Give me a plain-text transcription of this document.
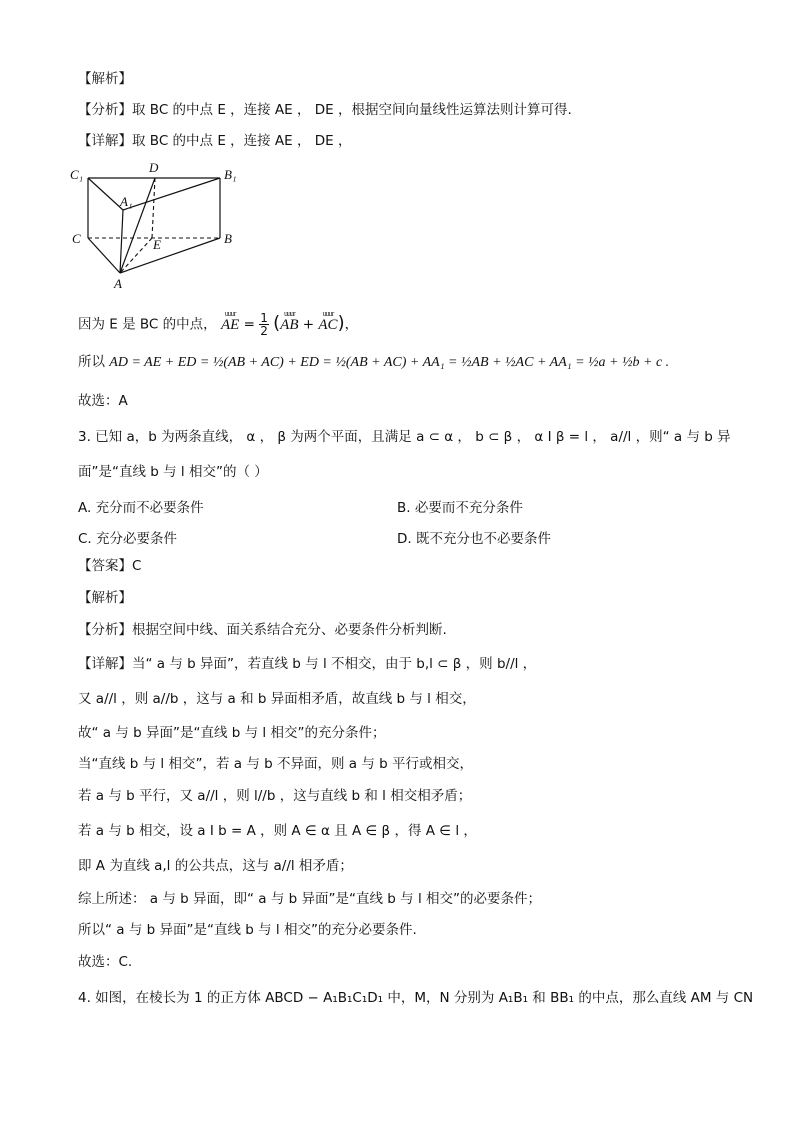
【解析】
【分析】取 BC 的中点 E ，连接 AE ， DE ，根据空间向量线性运算法则计算可得.
【详解】取 BC 的中点 E ，连接 AE ， DE ，
C₁	D	B₁
A₁
C	E	B
A
因为 E 是 BC 的中点，
uuur
AE = $\frac{1}{2}$ ( uuur
AB +
uuur
AC)，
所以 AD = AE + ED = ½(AB + AC) + ED = ½(AB + AC) + AA₁ = ½AB + ½AC + AA₁ = ½a + ½b + c .
故选：A
3. 已知 a，b 为两条直线， α ， β 为两个平面，且满足 a ⊂ α ， b ⊂ β ， α I β = l ， a//l ，则“ a 与 b 异
面”是“直线 b 与 l 相交”的（ ）
A. 充分而不必要条件	B. 必要而不充分条件
C. 充分必要条件	D. 既不充分也不必要条件
【答案】C
【解析】
【分析】根据空间中线、面关系结合充分、必要条件分析判断.
【详解】当“ a 与 b 异面”，若直线 b 与 l 不相交，由于 b,l ⊂ β ，则 b//l ，
又 a//l ，则 a//b ，这与 a 和 b 异面相矛盾，故直线 b 与 l 相交，
故“ a 与 b 异面”是“直线 b 与 l 相交”的充分条件；
当“直线 b 与 l 相交”，若 a 与 b 不异面，则 a 与 b 平行或相交，
若 a 与 b 平行，又 a//l ，则 l//b ，这与直线 b 和 l 相交相矛盾；
若 a 与 b 相交，设 a I b = A ，则 A ∈ α 且 A ∈ β ，得 A ∈ l ，
即 A 为直线 a,l 的公共点，这与 a//l 相矛盾；
综上所述： a 与 b 异面，即“ a 与 b 异面”是“直线 b 与 l 相交”的必要条件；
所以“ a 与 b 异面”是“直线 b 与 l 相交”的充分必要条件.
故选：C.
4. 如图，在棱长为 1 的正方体 ABCD − A₁B₁C₁D₁ 中，M，N 分别为 A₁B₁ 和 BB₁ 的中点，那么直线 AM 与 CN
